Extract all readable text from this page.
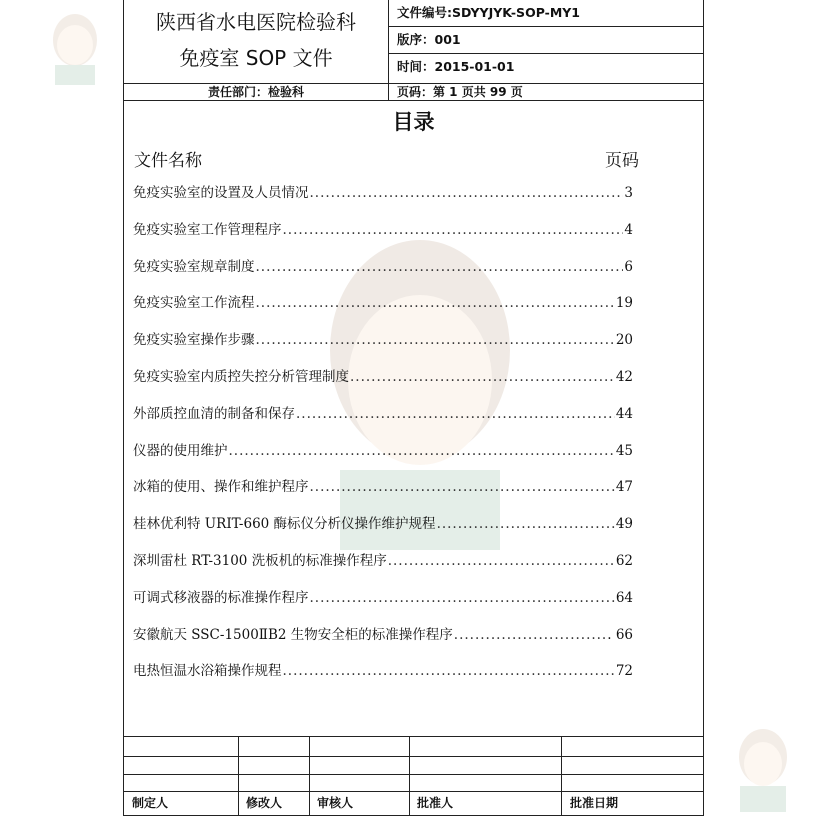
陕西省水电医院检验科
免疫室 SOP 文件
文件编号:SDYYJYK-SOP-MY1
版序：001
时间：2015-01-01
责任部门：检验科	页码：第 1 页共 99 页
目录
文件名称	页码
免疫实验室的设置及人员情况 .....	3
免疫实验室工作管理程序 .....	4
免疫实验室规章制度 .....	6
免疫实验室工作流程 .....	19
免疫实验室操作步骤 .....	20
免疫实验室内质控失控分析管理制度 .....	42
外部质控血清的制备和保存 .....	44
仪器的使用维护 .....	45
冰箱的使用、操作和维护程序 .....	47
桂林优利特 URIT-660 酶标仪分析仪操作维护规程 .....	49
深圳雷杜 RT-3100 洗板机的标准操作程序 .....	62
可调式移液器的标准操作程序 .....	64
安徽航天 SSC-1500ⅡB2 生物安全柜的标准操作程序 .....	. 66
电热恒温水浴箱操作规程 .....	72
制定人	修改人	审核人	批准人	批准日期
